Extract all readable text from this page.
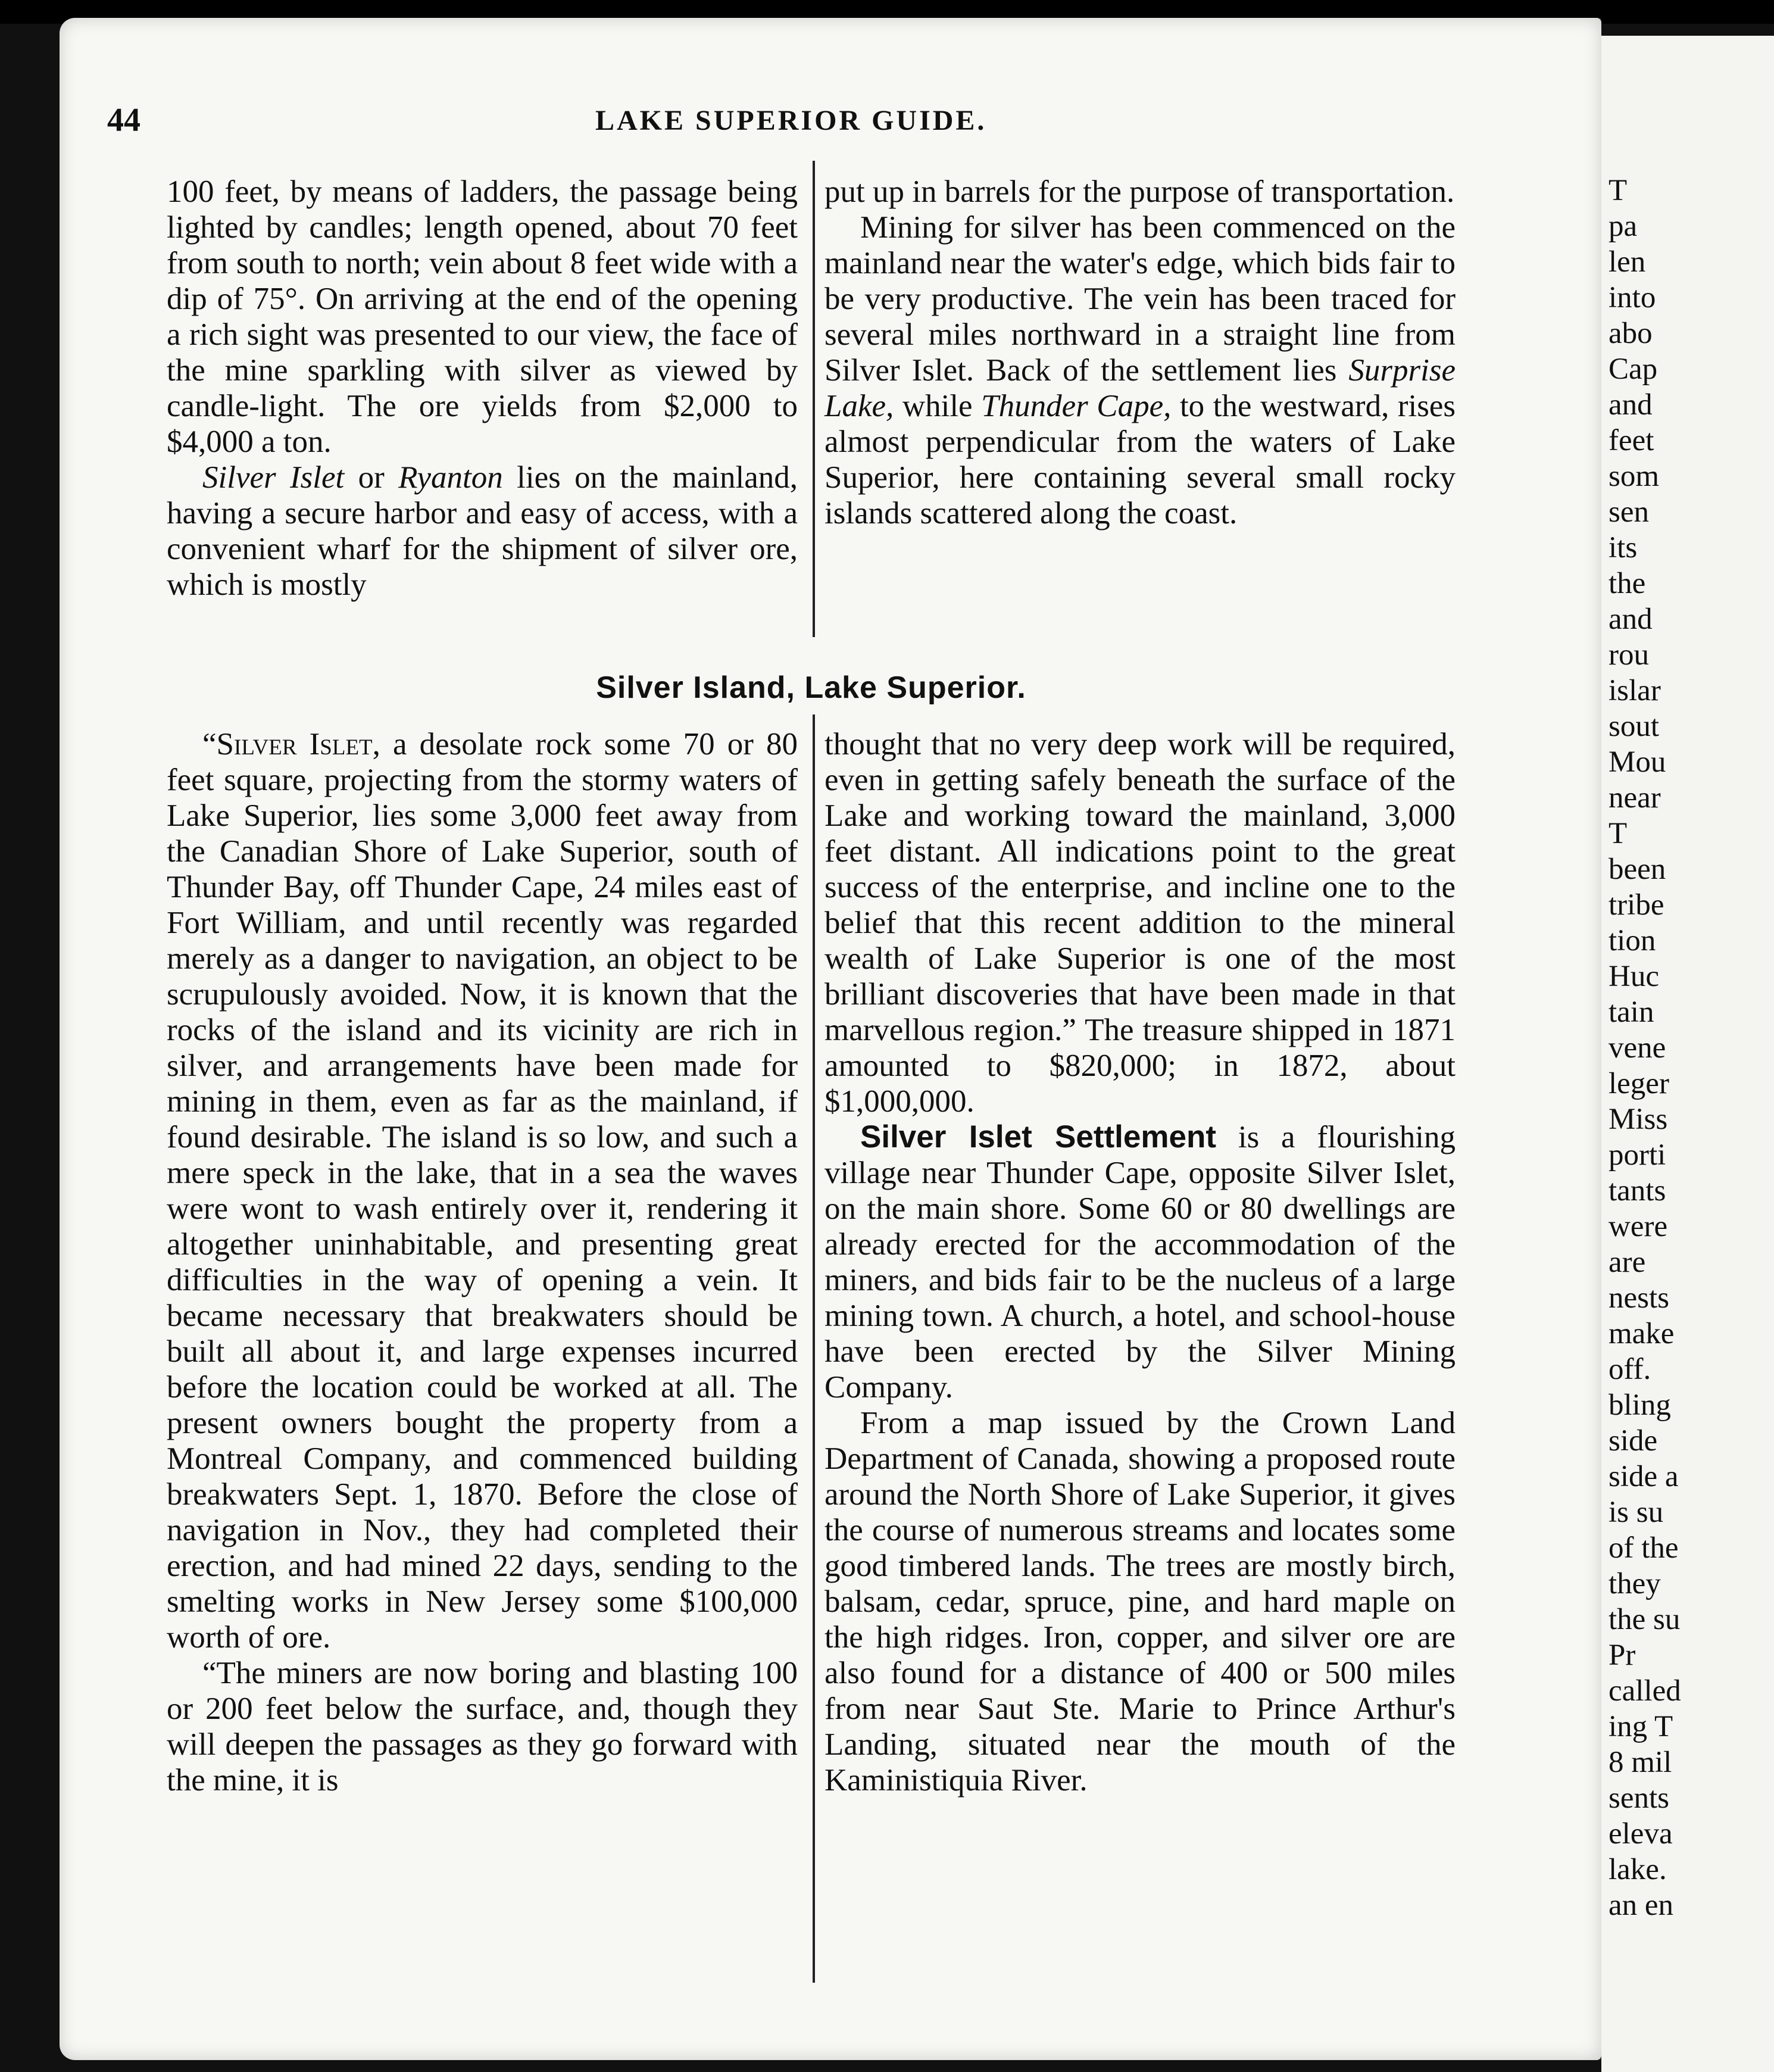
44	LAKE SUPERIOR GUIDE.

100 feet, by means of ladders, the passage being lighted by candles; length opened, about 70 feet from south to north; vein about 8 feet wide with a dip of 75°. On arriving at the end of the opening a rich sight was presented to our view, the face of the mine sparkling with silver as viewed by candle-light. The ore yields from $2,000 to $4,000 a ton.

Silver Islet or Ryanton lies on the mainland, having a secure harbor and easy of access, with a convenient wharf for the shipment of silver ore, which is mostly

put up in barrels for the purpose of transportation.

Mining for silver has been commenced on the mainland near the water's edge, which bids fair to be very productive. The vein has been traced for several miles northward in a straight line from Silver Islet. Back of the settlement lies Surprise Lake, while Thunder Cape, to the westward, rises almost perpendicular from the waters of Lake Superior, here containing several small rocky islands scattered along the coast.

Silver Island, Lake Superior.

“Silver Islet, a desolate rock some 70 or 80 feet square, projecting from the stormy waters of Lake Superior, lies some 3,000 feet away from the Canadian Shore of Lake Superior, south of Thunder Bay, off Thunder Cape, 24 miles east of Fort William, and until recently was regarded merely as a danger to navigation, an object to be scrupulously avoided. Now, it is known that the rocks of the island and its vicinity are rich in silver, and arrangements have been made for mining in them, even as far as the mainland, if found desirable. The island is so low, and such a mere speck in the lake, that in a sea the waves were wont to wash entirely over it, rendering it altogether uninhabitable, and presenting great difficulties in the way of opening a vein. It became necessary that breakwaters should be built all about it, and large expenses incurred before the location could be worked at all. The present owners bought the property from a Montreal Company, and commenced building breakwaters Sept. 1, 1870. Before the close of navigation in Nov., they had completed their erection, and had mined 22 days, sending to the smelting works in New Jersey some $100,000 worth of ore.

“The miners are now boring and blasting 100 or 200 feet below the surface, and, though they will deepen the passages as they go forward with the mine, it is

thought that no very deep work will be required, even in getting safely beneath the surface of the Lake and working toward the mainland, 3,000 feet distant. All indications point to the great success of the enterprise, and incline one to the belief that this recent addition to the mineral wealth of Lake Superior is one of the most brilliant discoveries that have been made in that marvellous region.” The treasure shipped in 1871 amounted to $820,000; in 1872, about $1,000,000.

Silver Islet Settlement is a flourishing village near Thunder Cape, opposite Silver Islet, on the main shore. Some 60 or 80 dwellings are already erected for the accommodation of the miners, and bids fair to be the nucleus of a large mining town. A church, a hotel, and school-house have been erected by the Silver Mining Company.

From a map issued by the Crown Land Department of Canada, showing a proposed route around the North Shore of Lake Superior, it gives the course of numerous streams and locates some good timbered lands. The trees are mostly birch, balsam, cedar, spruce, pine, and hard maple on the high ridges. Iron, copper, and silver ore are also found for a distance of 400 or 500 miles from near Saut Ste. Marie to Prince Arthur's Landing, situated near the mouth of the Kaministiquia River.

T
pa
len
into
abo
Cap
and
feet
som
sen
its
the
and
rou
islar
sout
Mou
near
T
been
tribe
tion
Huc
tain
vene
leger
Miss
porti
tants
were
are
nests
make
off.
bling
side
side a
is su
of the
they
the su
Pr
called
ing T
8 mil
sents
eleva
lake.
an en
